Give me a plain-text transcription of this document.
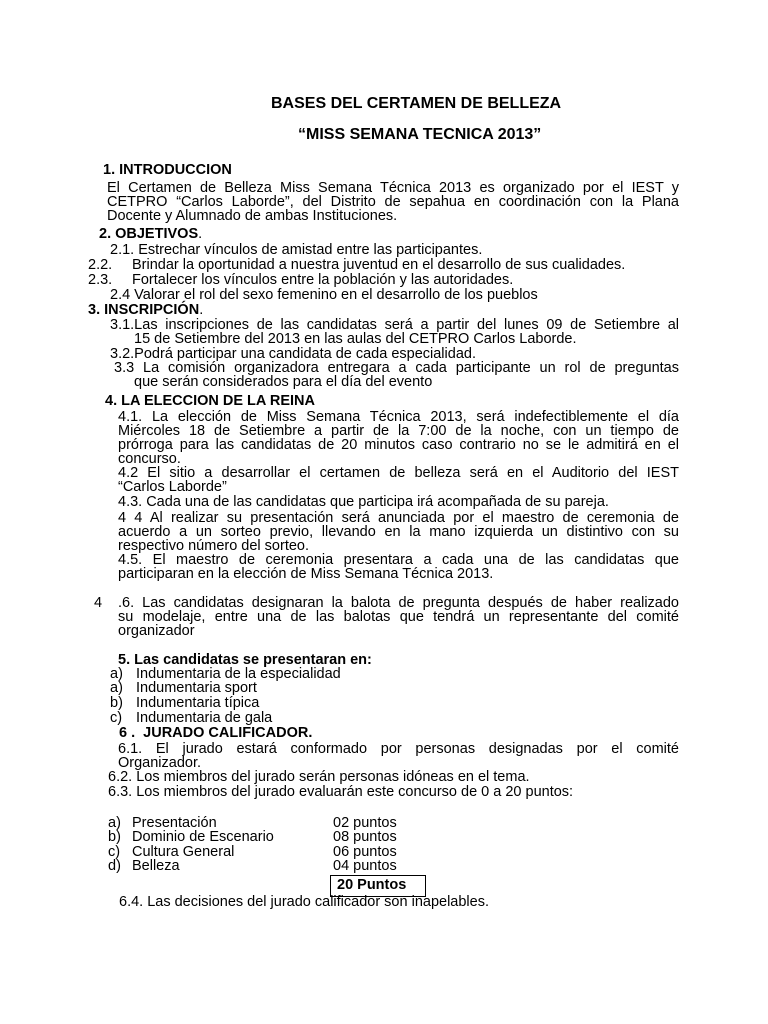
BASES DEL CERTAMEN DE BELLEZA
“MISS SEMANA TECNICA 2013”
1. INTRODUCCION
El Certamen de Belleza Miss Semana Técnica 2013 es organizado por el IEST y
CETPRO “Carlos Laborde”, del Distrito de sepahua en coordinación con la Plana
Docente y Alumnado de ambas Instituciones.
2. OBJETIVOS.
2.1. Estrechar vínculos de amistad entre las participantes.
2.2. Brindar la oportunidad a nuestra juventud en el desarrollo de sus cualidades.
2.3. Fortalecer los vínculos entre la población y las autoridades.
2.4 Valorar el rol del sexo femenino en el desarrollo de los pueblos
3. INSCRIPCIÓN.
3.1.Las inscripciones de las candidatas será a partir del lunes 09 de Setiembre al
15 de Setiembre del 2013 en las aulas del CETPRO Carlos Laborde.
3.2.Podrá participar una candidata de cada especialidad.
3.3 La comisión organizadora entregara a cada participante un rol de preguntas
que serán considerados para el día del evento
4. LA ELECCION DE LA REINA
4.1. La elección de Miss Semana Técnica 2013, será indefectiblemente el día
Miércoles 18 de Setiembre a partir de la 7:00 de la noche, con un tiempo de
prórroga para las candidatas de 20 minutos caso contrario no se le admitirá en el
concurso.
4.2 El sitio a desarrollar el certamen de belleza será en el Auditorio del IEST
“Carlos Laborde”
4.3. Cada una de las candidatas que participa irá acompañada de su pareja.
4 4 Al realizar su presentación será anunciada por el maestro de ceremonia de
acuerdo a un sorteo previo, llevando en la mano izquierda un distintivo con su
respectivo número del sorteo.
4.5. El maestro de ceremonia presentara a cada una de las candidatas que
participaran en la elección de Miss Semana Técnica 2013.
4 .6. Las candidatas designaran la balota de pregunta después de haber realizado
su modelaje, entre una de las balotas que tendrá un representante del comité
organizador
5. Las candidatas se presentaran en:
a) Indumentaria de la especialidad
a) Indumentaria sport
b) Indumentaria típica
c) Indumentaria de gala
6 .  JURADO CALIFICADOR.
6.1. El jurado estará conformado por personas designadas por el comité
Organizador.
6.2. Los miembros del jurado serán personas idóneas en el tema.
6.3. Los miembros del jurado evaluarán este concurso de 0 a 20 puntos:
a) Presentación	02 puntos
b) Dominio de Escenario	08 puntos
c) Cultura General	06 puntos
d) Belleza	04 puntos
20 Puntos
6.4. Las decisiones del jurado calificador son inapelables.
